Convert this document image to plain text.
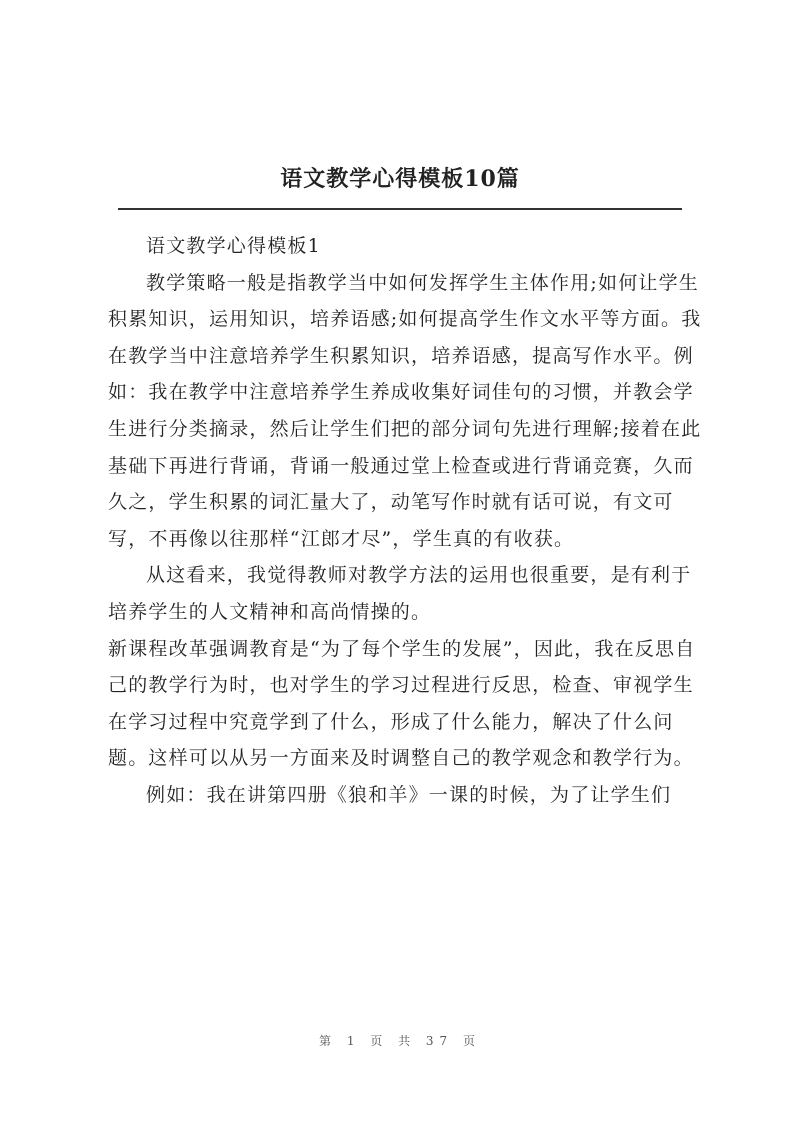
语文教学心得模板10篇

语文教学心得模板1

教学策略一般是指教学当中如何发挥学生主体作用;如何让学生积累知识，运用知识，培养语感;如何提高学生作文水平等方面。我在教学当中注意培养学生积累知识，培养语感，提高写作水平。例如：我在教学中注意培养学生养成收集好词佳句的习惯，并教会学生进行分类摘录，然后让学生们把的部分词句先进行理解;接着在此基础下再进行背诵，背诵一般通过堂上检查或进行背诵竞赛，久而久之，学生积累的词汇量大了，动笔写作时就有话可说，有文可写，不再像以往那样“江郎才尽”，学生真的有收获。

从这看来，我觉得教师对教学方法的运用也很重要，是有利于培养学生的人文精神和高尚情操的。

新课程改革强调教育是“为了每个学生的发展”，因此，我在反思自己的教学行为时，也对学生的学习过程进行反思，检查、审视学生在学习过程中究竟学到了什么，形成了什么能力，解决了什么问题。这样可以从另一方面来及时调整自己的教学观念和教学行为。

例如：我在讲第四册《狼和羊》一课的时候，为了让学生们

第 1 页 共 37 页
